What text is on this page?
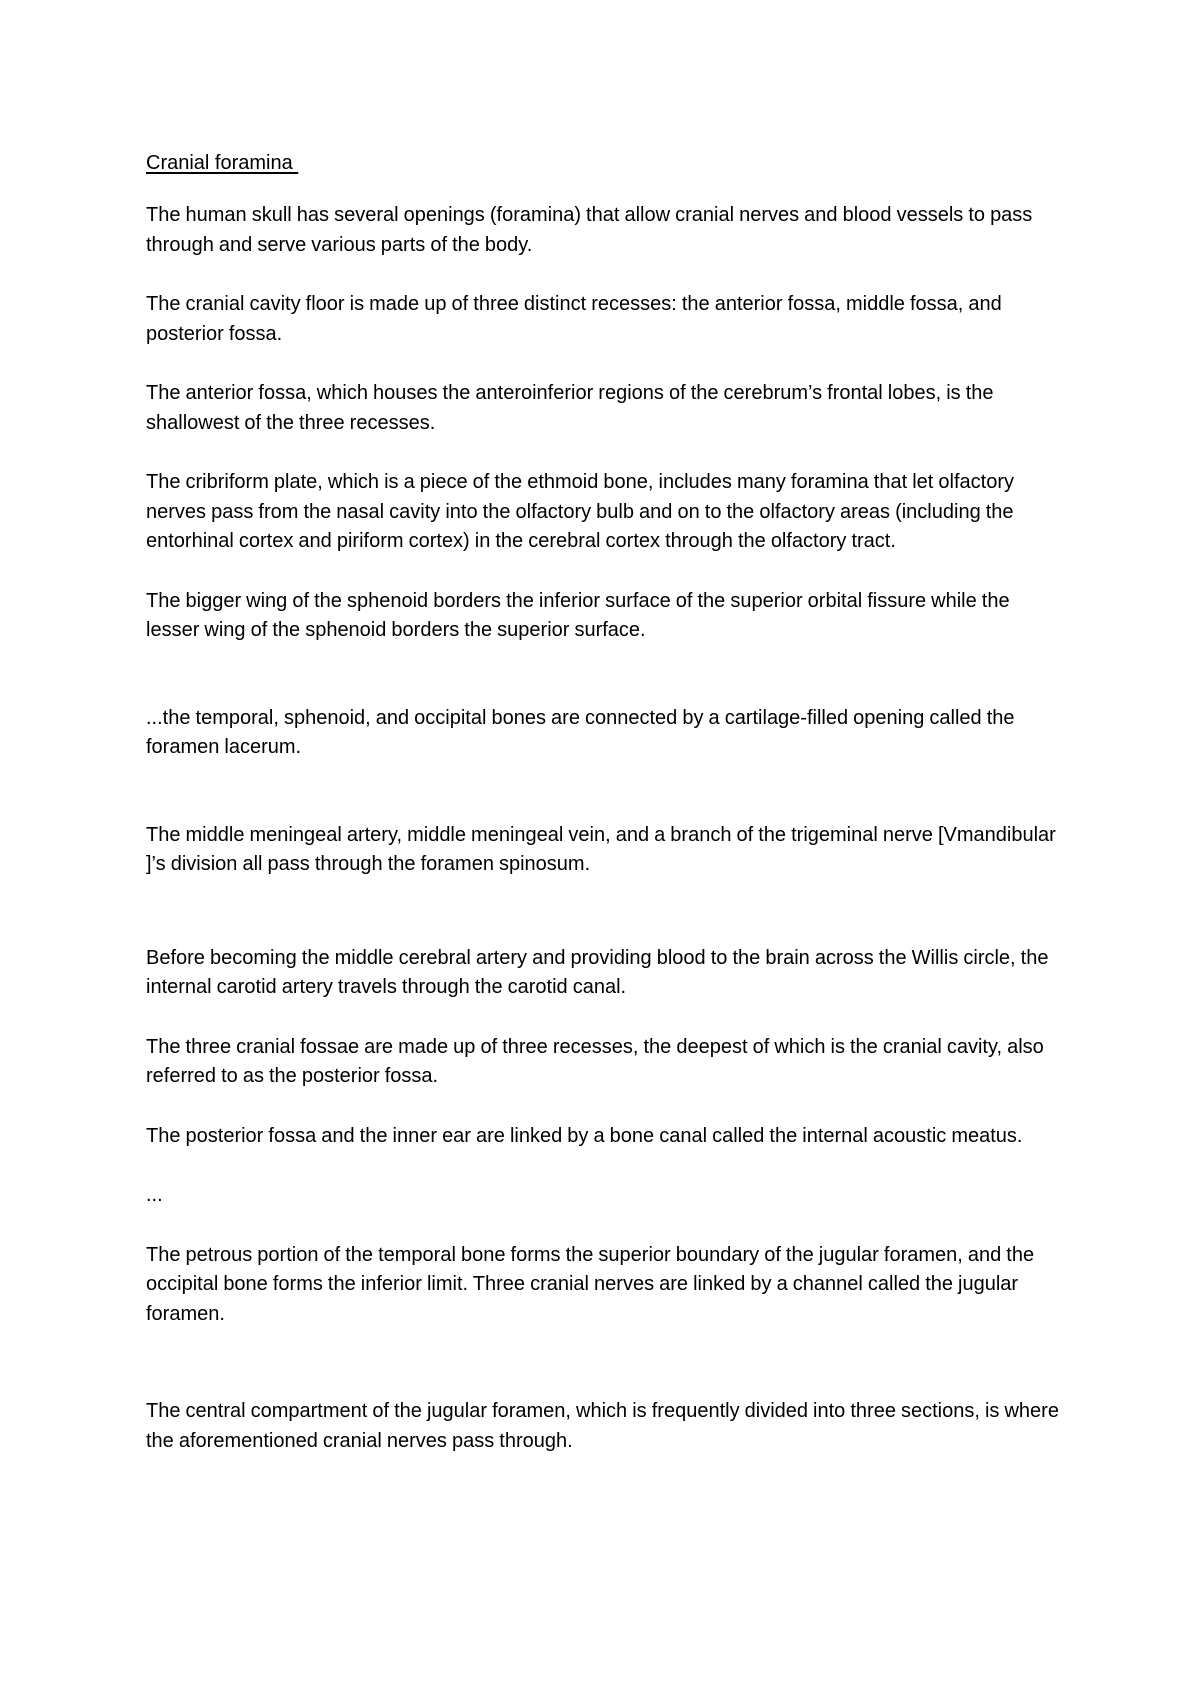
Cranial foramina

The human skull has several openings (foramina) that allow cranial nerves and blood vessels to pass through and serve various parts of the body.

The cranial cavity floor is made up of three distinct recesses: the anterior fossa, middle fossa, and posterior fossa.

The anterior fossa, which houses the anteroinferior regions of the cerebrum’s frontal lobes, is the shallowest of the three recesses.

The cribriform plate, which is a piece of the ethmoid bone, includes many foramina that let olfactory nerves pass from the nasal cavity into the olfactory bulb and on to the olfactory areas (including the entorhinal cortex and piriform cortex) in the cerebral cortex through the olfactory tract.

The bigger wing of the sphenoid borders the inferior surface of the superior orbital fissure while the lesser wing of the sphenoid borders the superior surface.

...the temporal, sphenoid, and occipital bones are connected by a cartilage-filled opening called the foramen lacerum.

The middle meningeal artery, middle meningeal vein, and a branch of the trigeminal nerve [Vmandibular ]’s division all pass through the foramen spinosum.

Before becoming the middle cerebral artery and providing blood to the brain across the Willis circle, the internal carotid artery travels through the carotid canal.

The three cranial fossae are made up of three recesses, the deepest of which is the cranial cavity, also referred to as the posterior fossa.

The posterior fossa and the inner ear are linked by a bone canal called the internal acoustic meatus.

...

The petrous portion of the temporal bone forms the superior boundary of the jugular foramen, and the occipital bone forms the inferior limit. Three cranial nerves are linked by a channel called the jugular foramen.

The central compartment of the jugular foramen, which is frequently divided into three sections, is where the aforementioned cranial nerves pass through.
